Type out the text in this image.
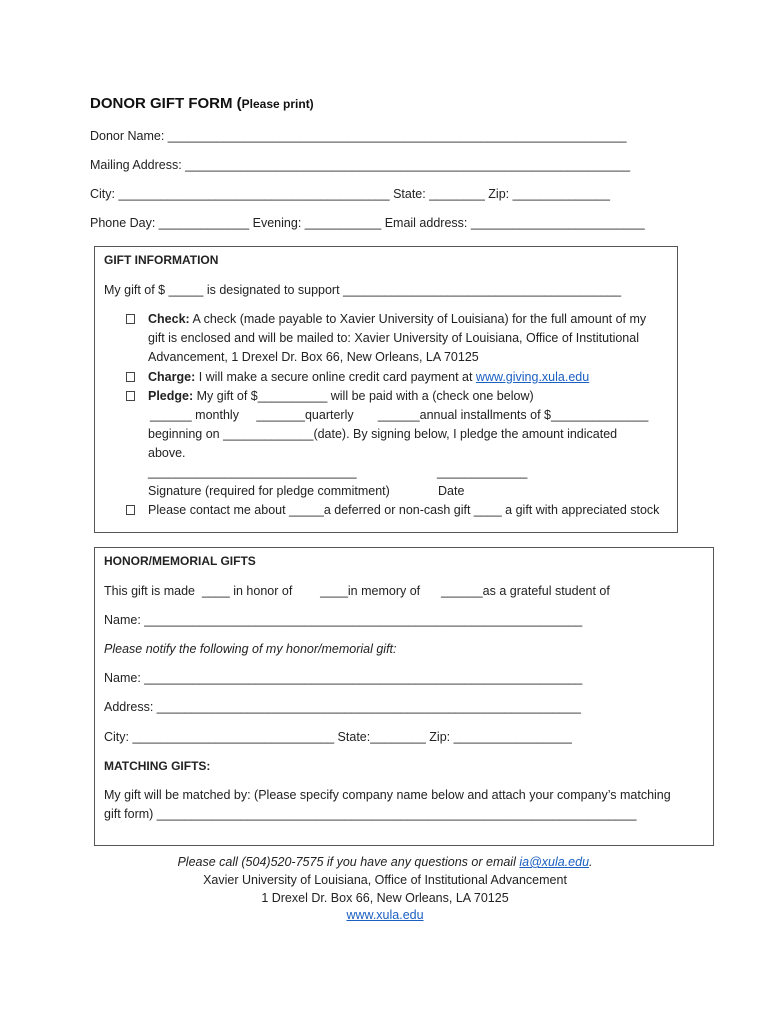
DONOR GIFT FORM (Please print)
Donor Name: __________________________________________________________________
Mailing Address: ________________________________________________________________
City: _______________________________________ State: ________ Zip: ______________
Phone Day: _____________ Evening: ___________ Email address: _________________________
GIFT INFORMATION
My gift of $ _____ is designated to support ________________________________________
Check: A check (made payable to Xavier University of Louisiana) for the full amount of my
gift is enclosed and will be mailed to: Xavier University of Louisiana, Office of Institutional
Advancement, 1 Drexel Dr. Box 66, New Orleans, LA 70125
Charge: I will make a secure online credit card payment at www.giving.xula.edu
Pledge: My gift of $__________ will be paid with a (check one below)
______ monthly     _______quarterly       ______annual installments of $______________
beginning on _____________(date). By signing below, I pledge the amount indicated
above.
______________________________	_____________
Signature (required for pledge commitment)	Date
Please contact me about _____a deferred or non-cash gift ____ a gift with appreciated stock
HONOR/MEMORIAL GIFTS
This gift is made  ____ in honor of        ____in memory of      ______as a grateful student of
Name: _______________________________________________________________
Please notify the following of my honor/memorial gift:
Name: _______________________________________________________________
Address: _____________________________________________________________
City: _____________________________ State:________ Zip: _________________
MATCHING GIFTS:
My gift will be matched by: (Please specify company name below and attach your company’s matching
gift form) _____________________________________________________________________
Please call (504)520-7575 if you have any questions or email ia@xula.edu.
Xavier University of Louisiana, Office of Institutional Advancement
1 Drexel Dr. Box 66, New Orleans, LA 70125
www.xula.edu
